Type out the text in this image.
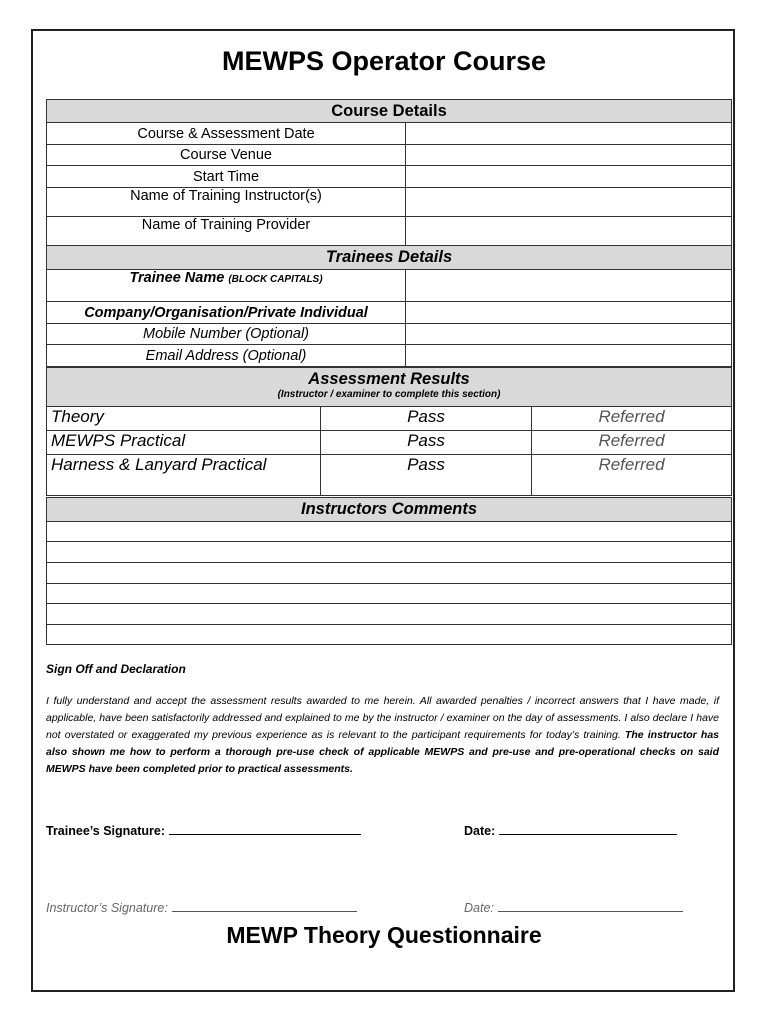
MEWPS Operator Course
Course Details	
Course & Assessment Date	
Course Venue	
Start Time	
Name of Training Instructor(s)	
Name of Training Provider	
Trainees Details	
Trainee Name (BLOCK CAPITALS)	
Company/Organisation/Private Individual	
Mobile Number (Optional)	
Email Address (Optional)	
Assessment Results
(Instructor / examiner to complete this section)		

Theory	Pass	Referred
MEWPS Practical	Pass	Referred
Harness & Lanyard Practical	Pass	Referred
Instructors Comments

Sign Off and Declaration
I fully understand and accept the assessment results awarded to me herein. All awarded penalties / incorrect answers that I have made, if applicable, have been satisfactorily addressed and explained to me by the instructor / examiner on the day of assessments. I also declare I have not overstated or exaggerated my previous experience as is relevant to the participant requirements for today’s training. The instructor has also shown me how to perform a thorough pre-use check of applicable MEWPS and pre-use and pre-operational checks on said MEWPS have been completed prior to practical assessments.
Trainee’s Signature:	Date:
Instructor’s Signature:	Date:
MEWP Theory Questionnaire
